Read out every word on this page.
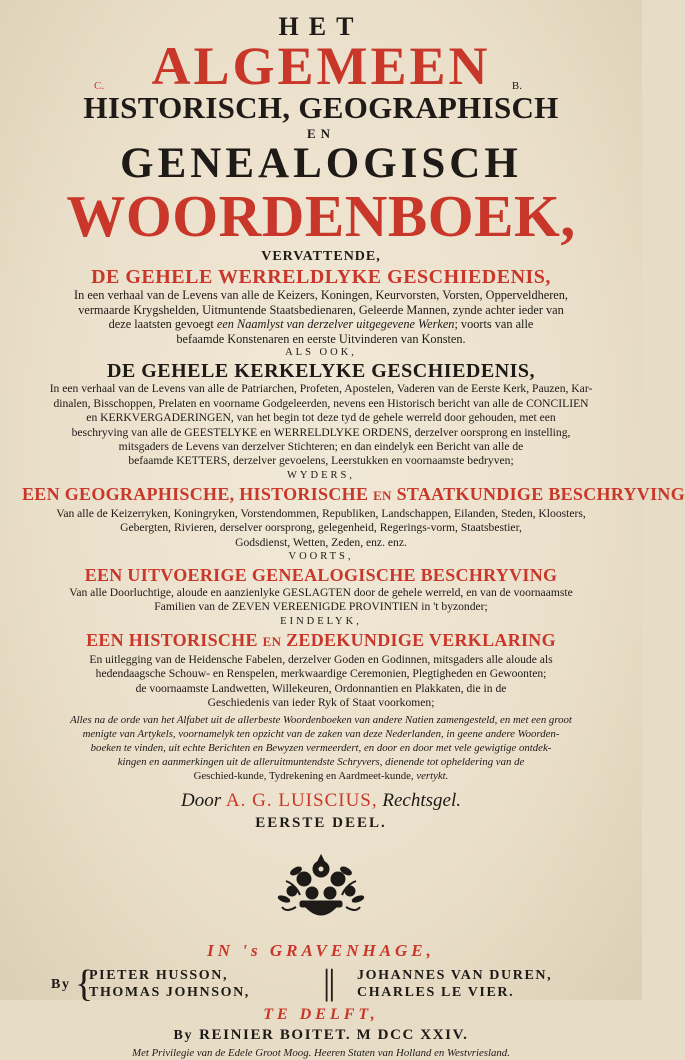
HET
C. ALGEMEEN B.
HISTORISCH, GEOGRAPHISCH
EN
GENEALOGISCH
WOORDENBOEK,
VERVATTENDE,
DE GEHELE WERRELDLYKE GESCHIEDENIS,
In een verhaal van de Levens van alle de Keizers, Koningen, Keurvorsten, Vorsten, Opperveldheren,
vermaarde Krygshelden, Uitmuntende Staatsbedienaren, Geleerde Mannen, zynde achter ieder van
deze laatsten gevoegt een Naamlyst van derzelver uitgegevene Werken; voorts van alle
befaamde Konstenaren en eerste Uitvinderen van Konsten.
ALS OOK,
DE GEHELE KERKELYKE GESCHIEDENIS,
In een verhaal van de Levens van alle de Patriarchen, Profeten, Apostelen, Vaderen van de Eerste Kerk, Pauzen, Kar-
dinalen, Bisschoppen, Prelaten en voorname Godgeleerden, nevens een Historisch bericht van alle de CONCILIEN
en KERKVERGADERINGEN, van het begin tot deze tyd de gehele werreld door gehouden, met een
beschryving van alle de GEESTELYKE en WERRELDLYKE ORDENS, derzelver oorsprong en instelling,
mitsgaders de Levens van derzelver Stichteren; en dan eindelyk een Bericht van alle de
befaamde KETTERS, derzelver gevoelens, Leerstukken en voornaamste bedryven;
WYDERS,
EEN GEOGRAPHISCHE, HISTORISCHE EN STAATKUNDIGE BESCHRYVING
Van alle de Keizerryken, Koningryken, Vorstendommen, Republiken, Landschappen, Eilanden, Steden, Kloosters,
Gebergten, Rivieren, derselver oorsprong, gelegenheid, Regerings-vorm, Staatsbestier,
Godsdienst, Wetten, Zeden, enz. enz.
VOORTS,
EEN UITVOERIGE GENEALOGISCHE BESCHRYVING
Van alle Doorluchtige, aloude en aanzienlyke GESLAGTEN door de gehele werreld, en van de voornaamste
Familien van de ZEVEN VEREENIGDE PROVINTIEN in 't byzonder;
EINDELYK,
EEN HISTORISCHE EN ZEDEKUNDIGE VERKLARING
En uitlegging van de Heidensche Fabelen, derzelver Goden en Godinnen, mitsgaders alle aloude als
hedendaagsche Schouw- en Renspelen, merkwaardige Ceremonien, Plegtigheden en Gewoonten;
de voornaamste Landwetten, Willekeuren, Ordonnantien en Plakkaten, die in de
Geschiedenis van ieder Ryk of Staat voorkomen;
Alles na de orde van het Alfabet uit de allerbeste Woordenboeken van andere Natien zamengesteld, en met een groot
menigte van Artykels, voornamelyk ten opzicht van de zaken van deze Nederlanden, in geene andere Woorden-
boeken te vinden, uit echte Berichten en Bewyzen vermeerdert, en door en door met vele gewigtige ontdek-
kingen en aanmerkingen uit de alleruitmuntendste Schryvers, dienende tot opheldering van de
Geschied-kunde, Tydrekening en Aardmeet-kunde, vertykt.
Door A. G. LUISCIUS, Rechtsgel.
EERSTE DEEL.
IN 's GRAVENHAGE,
By {
PIETER HUSSON,
THOMAS JOHNSON, || JOHANNES VAN DUREN,
CHARLES LE VIER.
TE DELFT,
By REINIER BOITET. M DCC XXIV.
Met Privilegie van de Edele Groot Moog. Heeren Staten van Holland en Westvriesland.
